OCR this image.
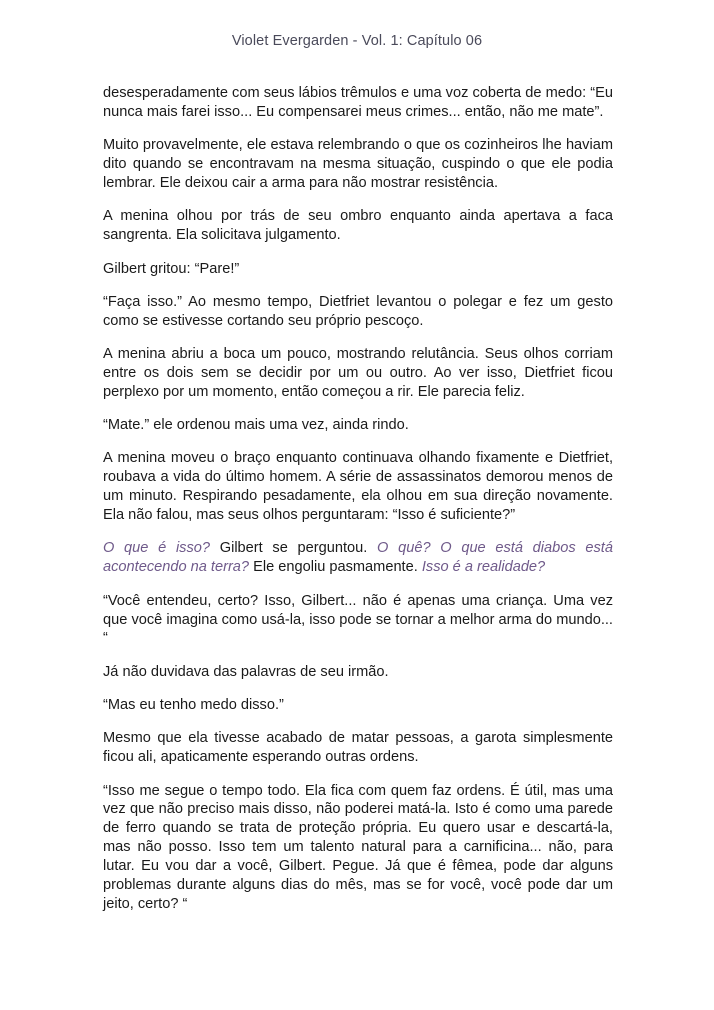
Violet Evergarden - Vol. 1: Capítulo 06

desesperadamente com seus lábios trêmulos e uma voz coberta de medo: “Eu nunca mais farei isso... Eu compensarei meus crimes... então, não me mate”.

Muito provavelmente, ele estava relembrando o que os cozinheiros lhe haviam dito quando se encontravam na mesma situação, cuspindo o que ele podia lembrar. Ele deixou cair a arma para não mostrar resistência.

A menina olhou por trás de seu ombro enquanto ainda apertava a faca sangrenta. Ela solicitava julgamento.

Gilbert gritou: “Pare!”

“Faça isso.” Ao mesmo tempo, Dietfriet levantou o polegar e fez um gesto como se estivesse cortando seu próprio pescoço.

A menina abriu a boca um pouco, mostrando relutância. Seus olhos corriam entre os dois sem se decidir por um ou outro. Ao ver isso, Dietfriet ficou perplexo por um momento, então começou a rir. Ele parecia feliz.

“Mate.” ele ordenou mais uma vez, ainda rindo.

A menina moveu o braço enquanto continuava olhando fixamente e Dietfriet, roubava a vida do último homem. A série de assassinatos demorou menos de um minuto. Respirando pesadamente, ela olhou em sua direção novamente. Ela não falou, mas seus olhos perguntaram: “Isso é suficiente?”

O que é isso? Gilbert se perguntou. O quê? O que está diabos está acontecendo na terra? Ele engoliu pasmamente. Isso é a realidade?

“Você entendeu, certo? Isso, Gilbert... não é apenas uma criança. Uma vez que você imagina como usá-la, isso pode se tornar a melhor arma do mundo... “

Já não duvidava das palavras de seu irmão.

“Mas eu tenho medo disso.”

Mesmo que ela tivesse acabado de matar pessoas, a garota simplesmente ficou ali, apaticamente esperando outras ordens.

“Isso me segue o tempo todo. Ela fica com quem faz ordens. É útil, mas uma vez que não preciso mais disso, não poderei matá-la. Isto é como uma parede de ferro quando se trata de proteção própria. Eu quero usar e descartá-la, mas não posso. Isso tem um talento natural para a carnificina... não, para lutar. Eu vou dar a você, Gilbert. Pegue. Já que é fêmea, pode dar alguns problemas durante alguns dias do mês, mas se for você, você pode dar um jeito, certo? “
